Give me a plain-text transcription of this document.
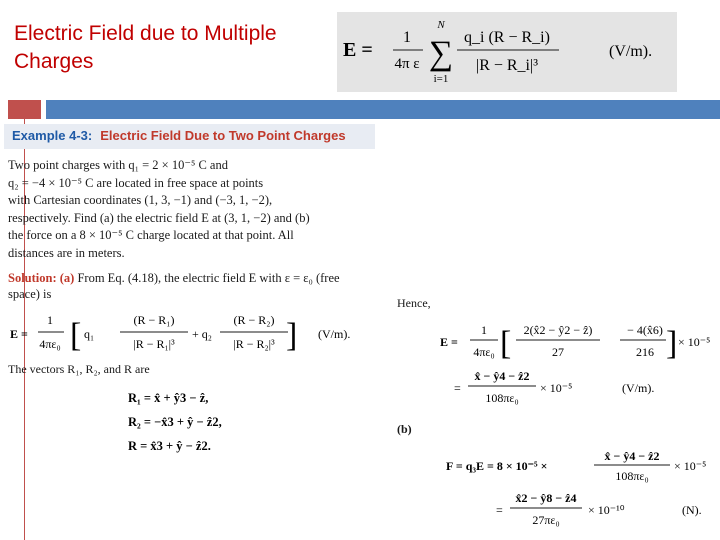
Electric Field due to Multiple Charges	E =
1
4π ε
N
∑
i=1
q_i (R − R_i)
|R − R_i|³
(V/m).
Example 4-3: Electric Field Due to Two Point Charges
Two point charges with q₁ = 2 × 10⁻⁵ C and
q₂ = −4 × 10⁻⁵ C are located in free space at points
with Cartesian coordinates (1, 3, −1) and (−3, 1, −2),
respectively. Find (a) the electric field E at (3, 1, −2) and (b)
the force on a 8 × 10⁻⁵ C charge located at that point. All
distances are in meters.
Solution: (a) From Eq. (4.18), the electric field E with ε = ε₀ (free space) is
E =
1
4πε₀ [ q₁
(R − R₁)
|R − R₁|³
+ q₂
(R − R₂)
|R − R₂|³ ] (V/m).
The vectors R₁, R₂, and R are
R₁ = x̂ + ŷ3 − ẑ,
R₂ = −x̂3 + ŷ − ẑ2,
R = x̂3 + ŷ − ẑ2.
Hence,
E =
1
4πε₀ [ 2(x̂2 − ŷ2 − ẑ)
27
− 4(x̂6)
216 ] × 10⁻⁵
=
x̂ − ŷ4 − ẑ2
108πε₀
× 10⁻⁵	(V/m).
(b)
F = q₃E = 8 × 10⁻⁵ ×
x̂ − ŷ4 − ẑ2
108πε₀
× 10⁻⁵
=
x̂2 − ŷ8 − ẑ4
27πε₀
× 10⁻¹⁰	(N).
